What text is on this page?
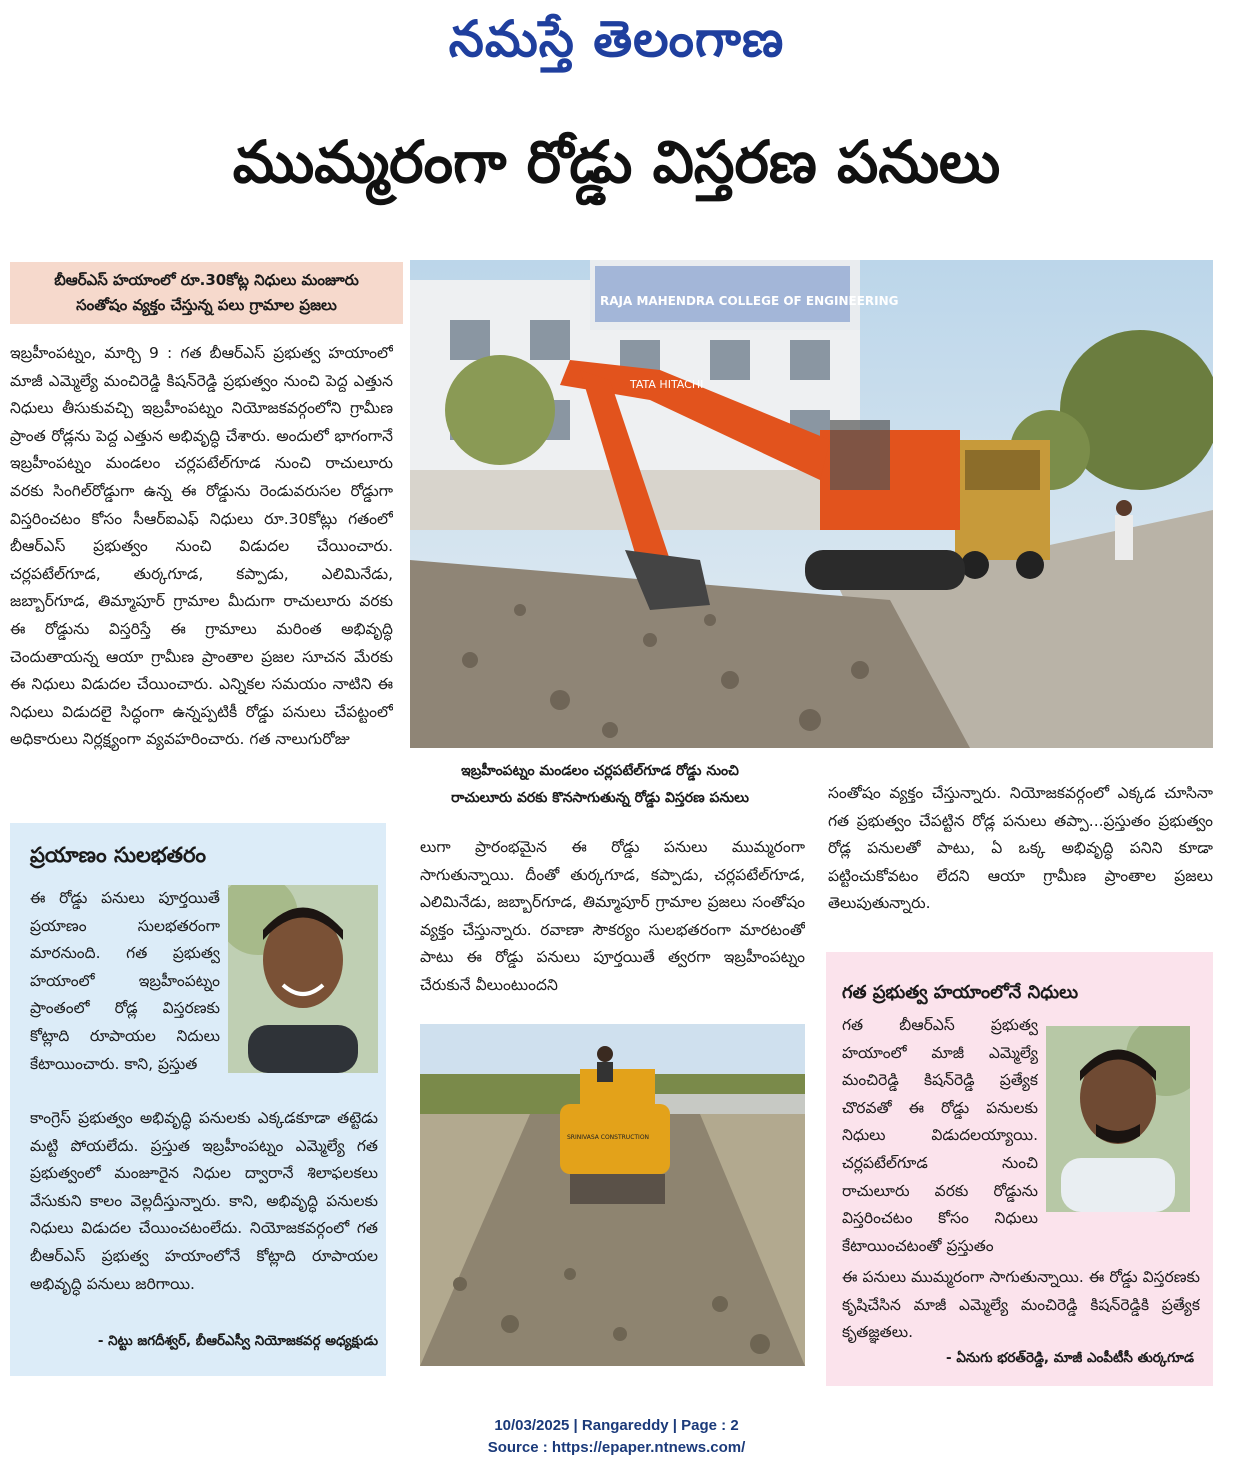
నమస్తే తెలంగాణ
ముమ్మరంగా రోడ్డు విస్తరణ పనులు
బీఆర్‌ఎస్‌ హయాంలో రూ.30కోట్ల నిధులు మంజూరు
సంతోషం వ్యక్తం చేస్తున్న పలు గ్రామాల ప్రజలు
ఇబ్రహీంపట్నం, మార్చి 9 : గత బీఆర్‌ఎస్‌ ప్రభుత్వ హయాంలో మాజీ ఎమ్మెల్యే మంచిరెడ్డి కిషన్‌రెడ్డి ప్రభుత్వం నుంచి పెద్ద ఎత్తున నిధులు తీసుకువచ్చి ఇబ్రహీంపట్నం నియోజకవర్గంలోని గ్రామీణ ప్రాంత రోడ్లను పెద్ద ఎత్తున అభివృద్ధి చేశారు. అందులో భాగంగానే ఇబ్రహీంపట్నం మండలం చర్లపటేల్‌గూడ నుంచి రాచులూరు వరకు సింగిల్‌రోడ్డుగా ఉన్న ఈ రోడ్డును రెండువరుసల రోడ్డుగా విస్తరించటం కోసం సీఆర్‌ఐఎఫ్‌ నిధులు రూ.30కోట్లు గతంలో బీఆర్‌ఎస్‌ ప్రభుత్వం నుంచి విడుదల చేయించారు. చర్లపటేల్‌గూడ, తుర్కగూడ, కప్పాడు, ఎలిమినేడు, జబ్బార్‌గూడ, తిమ్మాపూర్‌ గ్రామాల మీదుగా రాచులూరు వరకు ఈ రోడ్డును విస్తరిస్తే ఈ గ్రామాలు మరింత అభివృద్ధి చెందుతాయన్న ఆయా గ్రామీణ ప్రాంతాల ప్రజల సూచన మేరకు ఈ నిధులు విడుదల చేయించారు. ఎన్నికల సమయం నాటిని ఈ నిధులు విడుదలై సిద్ధంగా ఉన్నప్పటికీ రోడ్డు పనులు చేపట్టంలో అధికారులు నిర్లక్ష్యంగా వ్యవహరించారు. గత నాలుగురోజు
TATA HITACHI
RAJA MAHENDRA COLLEGE OF ENGINEERING
ఇబ్రహీంపట్నం మండలం చర్లపటేల్‌గూడ రోడ్డు నుంచి
రాచులూరు వరకు కొనసాగుతున్న రోడ్డు విస్తరణ పనులు	సంతోషం వ్యక్తం చేస్తున్నారు. నియోజకవర్గంలో ఎక్కడ చూసినా గత ప్రభుత్వం చేపట్టిన రోడ్ల పనులు తప్పా...ప్రస్తుతం ప్రభుత్వం రోడ్ల పనులతో పాటు, ఏ ఒక్క అభివృద్ధి పనిని కూడా పట్టించుకోవటం లేదని ఆయా గ్రామీణ ప్రాంతాల ప్రజలు తెలుపుతున్నారు.
లుగా ప్రారంభమైన ఈ రోడ్డు పనులు ముమ్మరంగా సాగుతున్నాయి. దీంతో తుర్కగూడ, కప్పాడు, చర్లపటేల్‌గూడ, ఎలిమినేడు, జబ్బార్‌గూడ, తిమ్మాపూర్‌ గ్రామాల ప్రజలు సంతోషం వ్యక్తం చేస్తున్నారు. రవాణా సౌకర్యం సులభతరంగా మారటంతో పాటు ఈ రోడ్డు పనులు పూర్తయితే త్వరగా ఇబ్రహీంపట్నం చేరుకునే వీలుంటుందని
SRINIVASA CONSTRUCTION
ప్రయాణం సులభతరం
ఈ రోడ్డు పనులు పూర్తయితే ప్రయాణం సులభతరంగా మారనుంది. గత ప్రభుత్వ హయాంలో ఇబ్రహీంపట్నం ప్రాంతంలో రోడ్ల విస్తరణకు కోట్లాది రూపాయల నిదులు కేటాయించారు. కాని, ప్రస్తుత
కాంగ్రెస్‌ ప్రభుత్వం అభివృద్ధి పనులకు ఎక్కడకూడా తట్టెడు మట్టి పోయలేదు. ప్రస్తుత ఇబ్రహీంపట్నం ఎమ్మెల్యే గత ప్రభుత్వంలో మంజూరైన నిధుల ద్వారానే శిలాఫలకలు వేసుకుని కాలం వెల్లదీస్తున్నారు. కాని, అభివృద్ధి పనులకు నిధులు విడుదల చేయించటంలేదు. నియోజకవర్గంలో గత బీఆర్‌ఎస్‌ ప్రభుత్వ హయాంలోనే కోట్లాది రూపాయల అభివృద్ధి పనులు జరిగాయి.
- నిట్టు జగదీశ్వర్‌, బీఆర్‌ఎస్వీ నియోజకవర్గ అధ్యక్షుడు
గత ప్రభుత్వ హయాంలోనే నిధులు
గత బీఆర్‌ఎస్‌ ప్రభుత్వ హయాంలో మాజీ ఎమ్మెల్యే మంచిరెడ్డి కిషన్‌రెడ్డి ప్రత్యేక చొరవతో ఈ రోడ్డు పనులకు నిధులు విడుదలయ్యాయి. చర్లపటేల్‌గూడ నుంచి రాచులూరు వరకు రోడ్డును విస్తరించటం కోసం నిధులు కేటాయించటంతో ప్రస్తుతం
ఈ పనులు ముమ్మరంగా సాగుతున్నాయి. ఈ రోడ్డు విస్తరణకు కృషిచేసిన మాజీ ఎమ్మెల్యే మంచిరెడ్డి కిషన్‌రెడ్డికి ప్రత్యేక కృతజ్ఞతలు.
- ఏనుగు భరత్‌రెడ్డి, మాజీ ఎంపీటీసీ తుర్కగూడ
10/03/2025 | Rangareddy | Page : 2
Source : https://epaper.ntnews.com/
